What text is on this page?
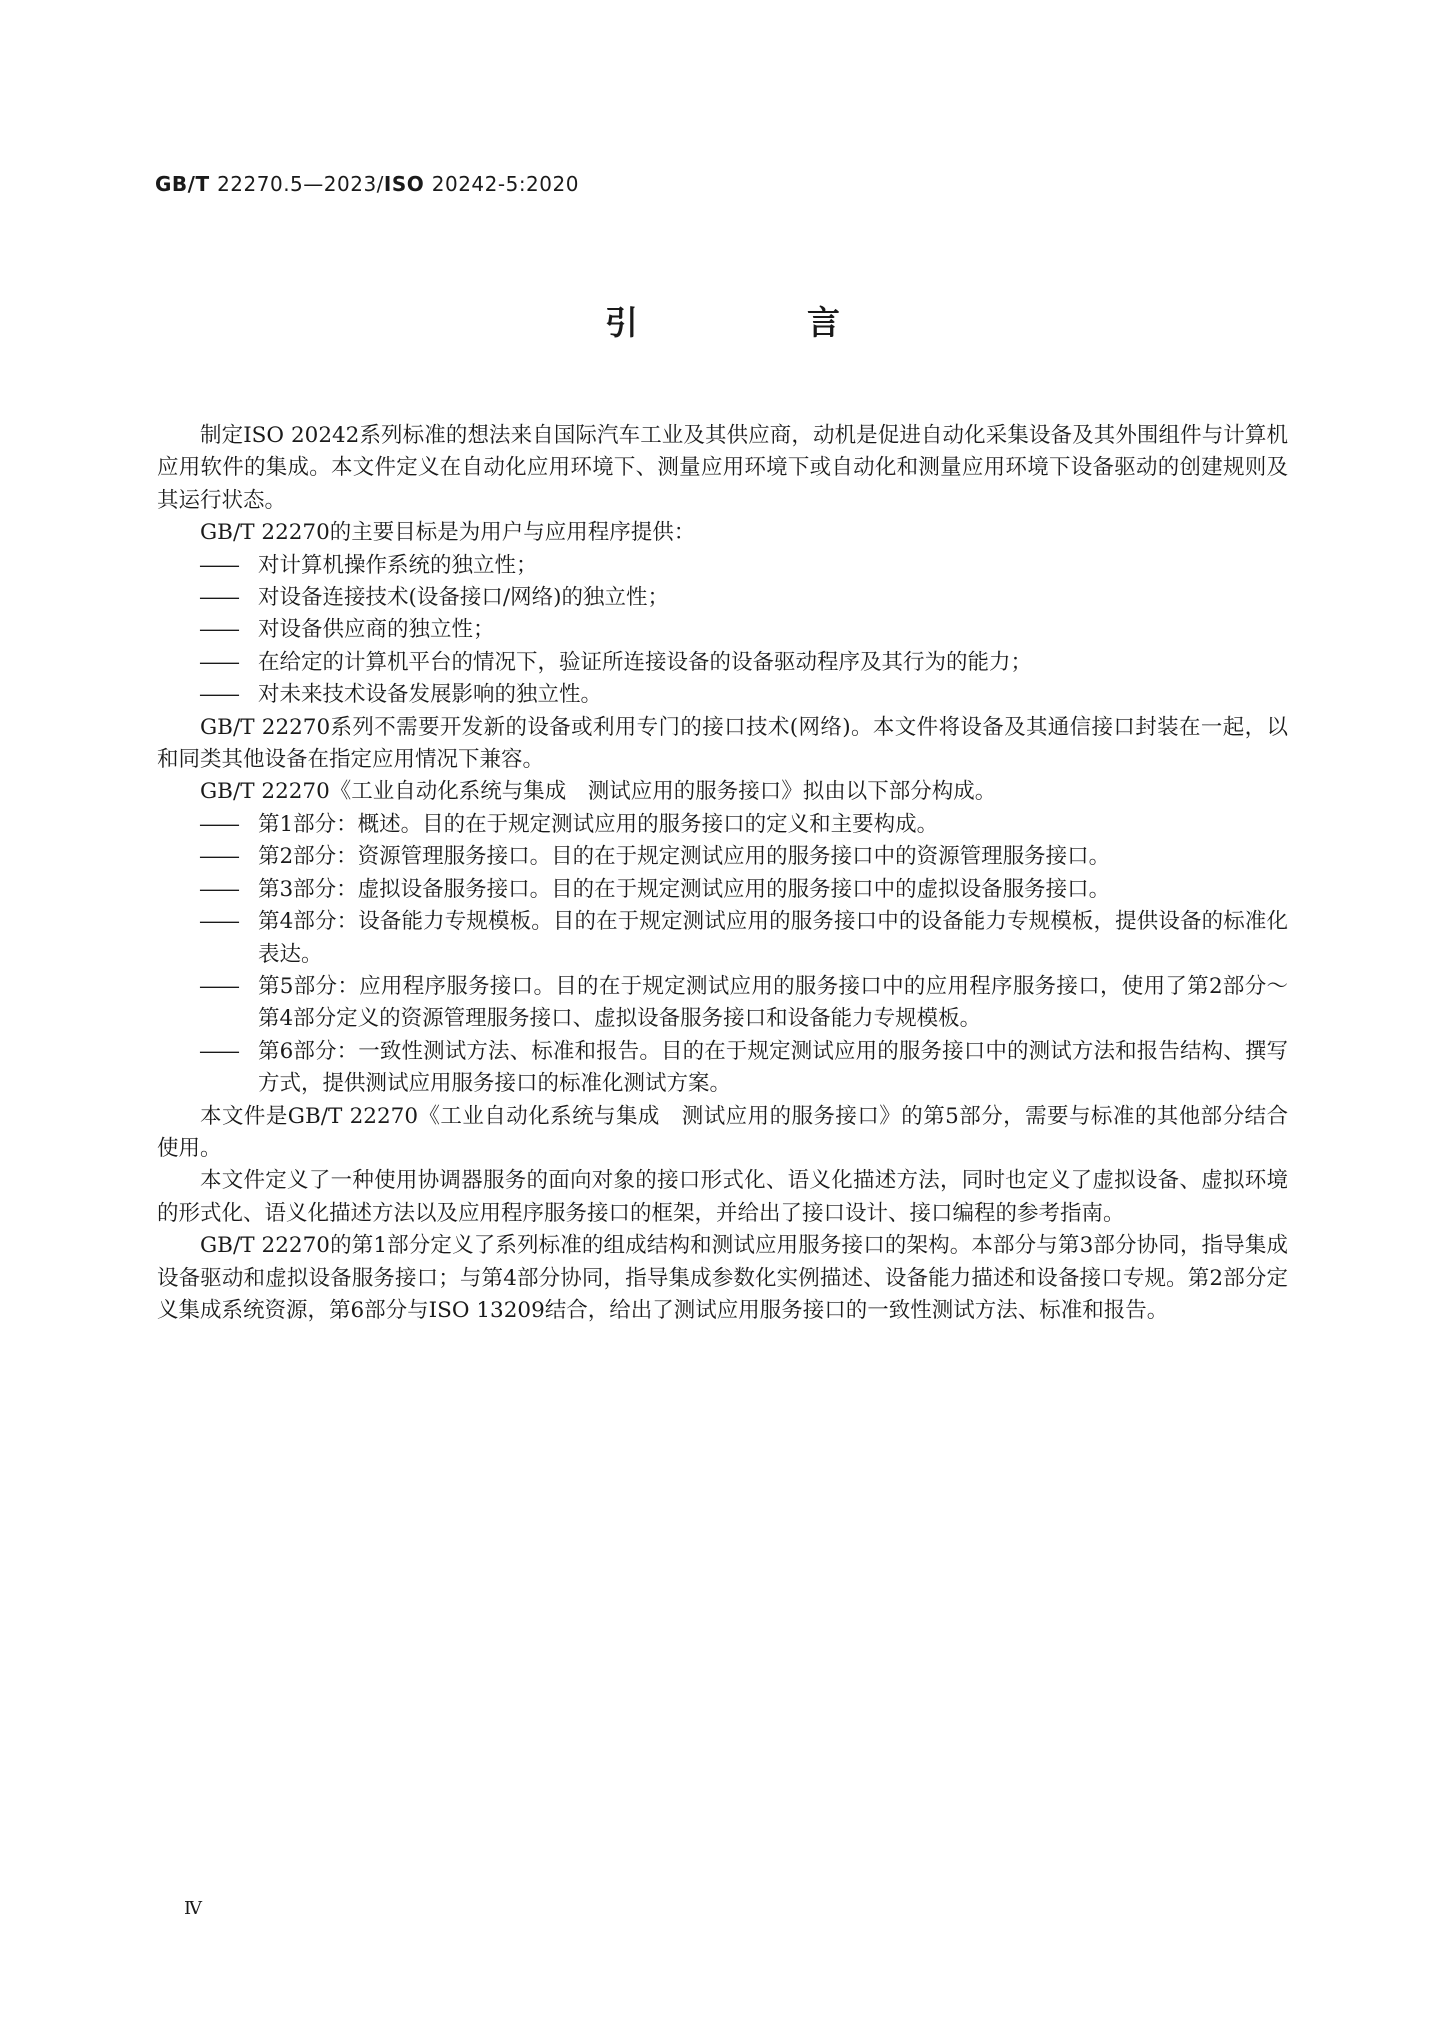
GB/T 22270.5—2023/ISO 20242-5:2020
引　言

制定ISO 20242系列标准的想法来自国际汽车工业及其供应商，动机是促进自动化采集设备及其外围组件与计算机应用软件的集成。本文件定义在自动化应用环境下、测量应用环境下或自动化和测量应用环境下设备驱动的创建规则及其运行状态。

GB/T 22270的主要目标是为用户与应用程序提供：

—— 对计算机操作系统的独立性；

—— 对设备连接技术(设备接口/网络)的独立性；

—— 对设备供应商的独立性；

—— 在给定的计算机平台的情况下，验证所连接设备的设备驱动程序及其行为的能力；

—— 对未来技术设备发展影响的独立性。

GB/T 22270系列不需要开发新的设备或利用专门的接口技术(网络)。本文件将设备及其通信接口封装在一起，以和同类其他设备在指定应用情况下兼容。

GB/T 22270《工业自动化系统与集成　测试应用的服务接口》拟由以下部分构成。

—— 第1部分：概述。目的在于规定测试应用的服务接口的定义和主要构成。

—— 第2部分：资源管理服务接口。目的在于规定测试应用的服务接口中的资源管理服务接口。

—— 第3部分：虚拟设备服务接口。目的在于规定测试应用的服务接口中的虚拟设备服务接口。

—— 第4部分：设备能力专规模板。目的在于规定测试应用的服务接口中的设备能力专规模板，提供设备的标准化表达。

—— 第5部分：应用程序服务接口。目的在于规定测试应用的服务接口中的应用程序服务接口，使用了第2部分～第4部分定义的资源管理服务接口、虚拟设备服务接口和设备能力专规模板。

—— 第6部分：一致性测试方法、标准和报告。目的在于规定测试应用的服务接口中的测试方法和报告结构、撰写方式，提供测试应用服务接口的标准化测试方案。

本文件是GB/T 22270《工业自动化系统与集成　测试应用的服务接口》的第5部分，需要与标准的其他部分结合使用。

本文件定义了一种使用协调器服务的面向对象的接口形式化、语义化描述方法，同时也定义了虚拟设备、虚拟环境的形式化、语义化描述方法以及应用程序服务接口的框架，并给出了接口设计、接口编程的参考指南。

GB/T 22270的第1部分定义了系列标准的组成结构和测试应用服务接口的架构。本部分与第3部分协同，指导集成设备驱动和虚拟设备服务接口；与第4部分协同，指导集成参数化实例描述、设备能力描述和设备接口专规。第2部分定义集成系统资源，第6部分与ISO 13209结合，给出了测试应用服务接口的一致性测试方法、标准和报告。

Ⅳ
